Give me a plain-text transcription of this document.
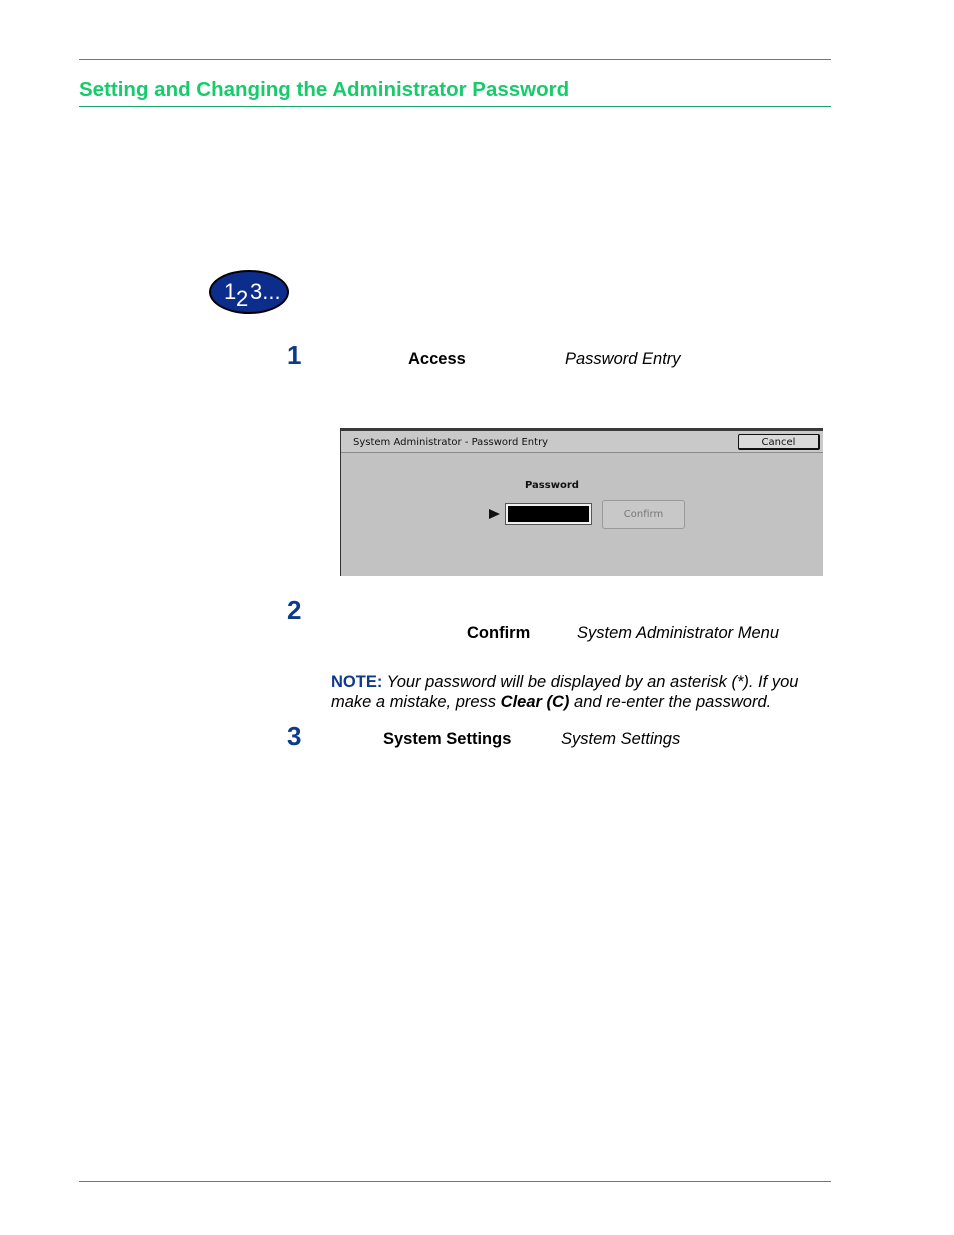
Setting and Changing the Administrator Password
1 2 3...
1	Access	Password Entry
System Administrator - Password Entry	Cancel
Password
Confirm
2
Confirm	System Administrator Menu
NOTE: Your password will be displayed by an asterisk (*). If you make a mistake, press Clear (C) and re-enter the password.
3	System Settings	System Settings
